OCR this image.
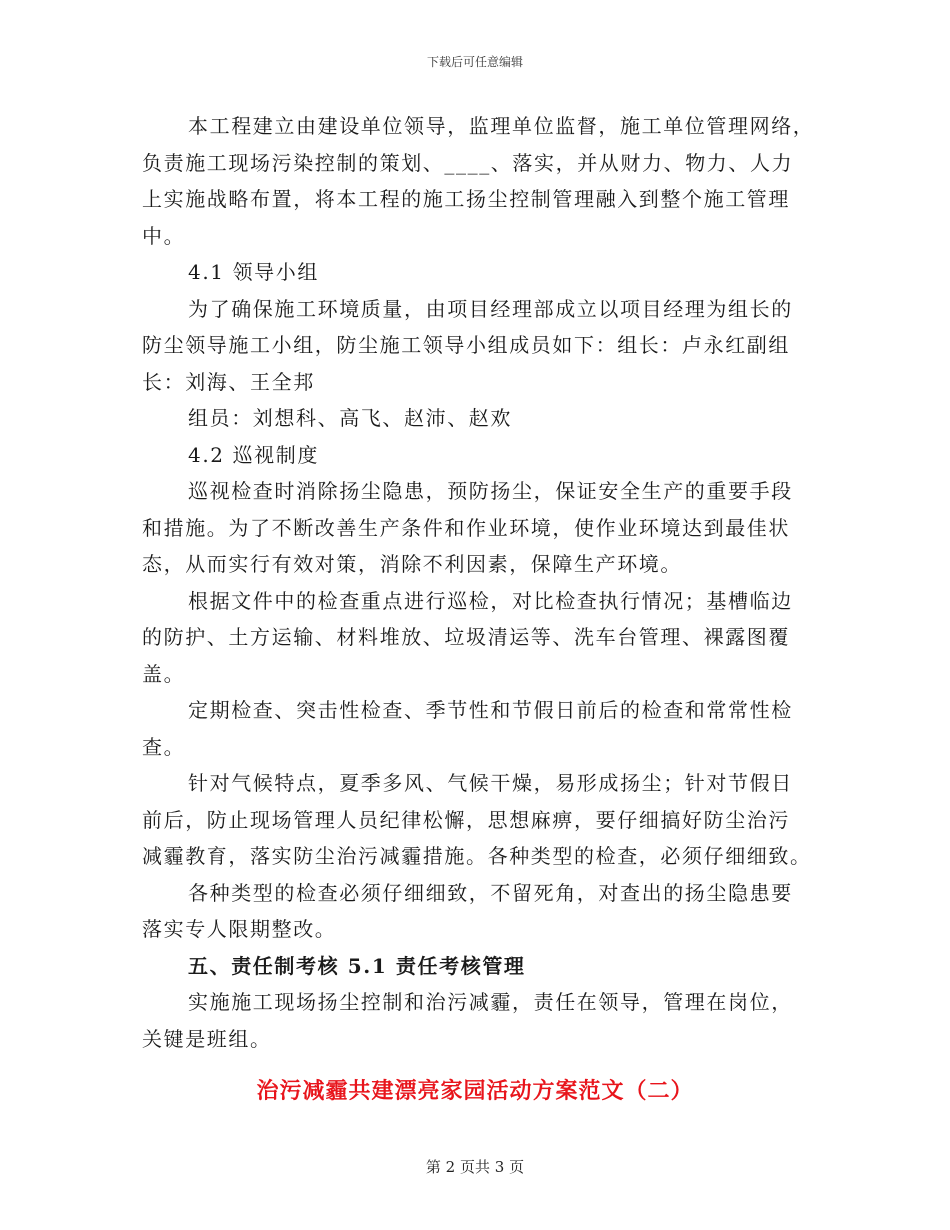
下载后可任意编辑
本工程建立由建设单位领导，监理单位监督，施工单位管理网络，
负责施工现场污染控制的策划、____、落实，并从财力、物力、人力
上实施战略布置，将本工程的施工扬尘控制管理融入到整个施工管理
中。
4.1 领导小组
为了确保施工环境质量，由项目经理部成立以项目经理为组长的
防尘领导施工小组，防尘施工领导小组成员如下：组长：卢永红副组
长：刘海、王全邦
组员：刘想科、高飞、赵沛、赵欢
4.2 巡视制度
巡视检查时消除扬尘隐患，预防扬尘，保证安全生产的重要手段
和措施。为了不断改善生产条件和作业环境，使作业环境达到最佳状
态，从而实行有效对策，消除不利因素，保障生产环境。
根据文件中的检查重点进行巡检，对比检查执行情况；基槽临边
的防护、土方运输、材料堆放、垃圾清运等、洗车台管理、裸露图覆
盖。
定期检查、突击性检查、季节性和节假日前后的检查和常常性检
查。
针对气候特点，夏季多风、气候干燥，易形成扬尘；针对节假日
前后，防止现场管理人员纪律松懈，思想麻痹，要仔细搞好防尘治污
减霾教育，落实防尘治污减霾措施。各种类型的检查，必须仔细细致。
各种类型的检查必须仔细细致，不留死角，对查出的扬尘隐患要
落实专人限期整改。
五、责任制考核 5.1 责任考核管理
实施施工现场扬尘控制和治污减霾，责任在领导，管理在岗位，
关键是班组。
治污减霾共建漂亮家园活动方案范文（二）
第 2 页共 3 页
